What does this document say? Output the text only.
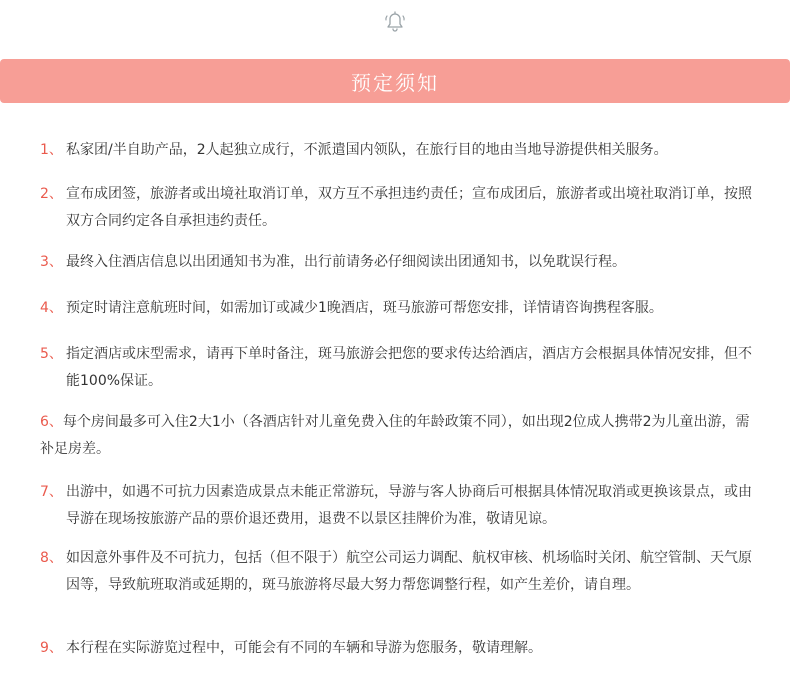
预定须知
1、 私家团/半自助产品，2人起独立成行，不派遣国内领队，在旅行目的地由当地导游提供相关服务。
2、 宣布成团签，旅游者或出境社取消订单，双方互不承担违约责任；宣布成团后，旅游者或出境社取消订单，按照双方合同约定各自承担违约责任。
3、 最终入住酒店信息以出团通知书为准，出行前请务必仔细阅读出团通知书，以免耽误行程。
4、 预定时请注意航班时间，如需加订或减少1晚酒店，斑马旅游可帮您安排，详情请咨询携程客服。
5、 指定酒店或床型需求，请再下单时备注，斑马旅游会把您的要求传达给酒店，酒店方会根据具体情况安排，但不能100%保证。
6、每个房间最多可入住2大1小（各酒店针对儿童免费入住的年龄政策不同），如出现2位成人携带2为儿童出游，需补足房差。
7、 出游中，如遇不可抗力因素造成景点未能正常游玩，导游与客人协商后可根据具体情况取消或更换该景点，或由导游在现场按旅游产品的票价退还费用，退费不以景区挂牌价为准，敬请见谅。
8、 如因意外事件及不可抗力，包括（但不限于）航空公司运力调配、航权审核、机场临时关闭、航空管制、天气原因等，导致航班取消或延期的，斑马旅游将尽最大努力帮您调整行程，如产生差价，请自理。
9、 本行程在实际游览过程中，可能会有不同的车辆和导游为您服务，敬请理解。
